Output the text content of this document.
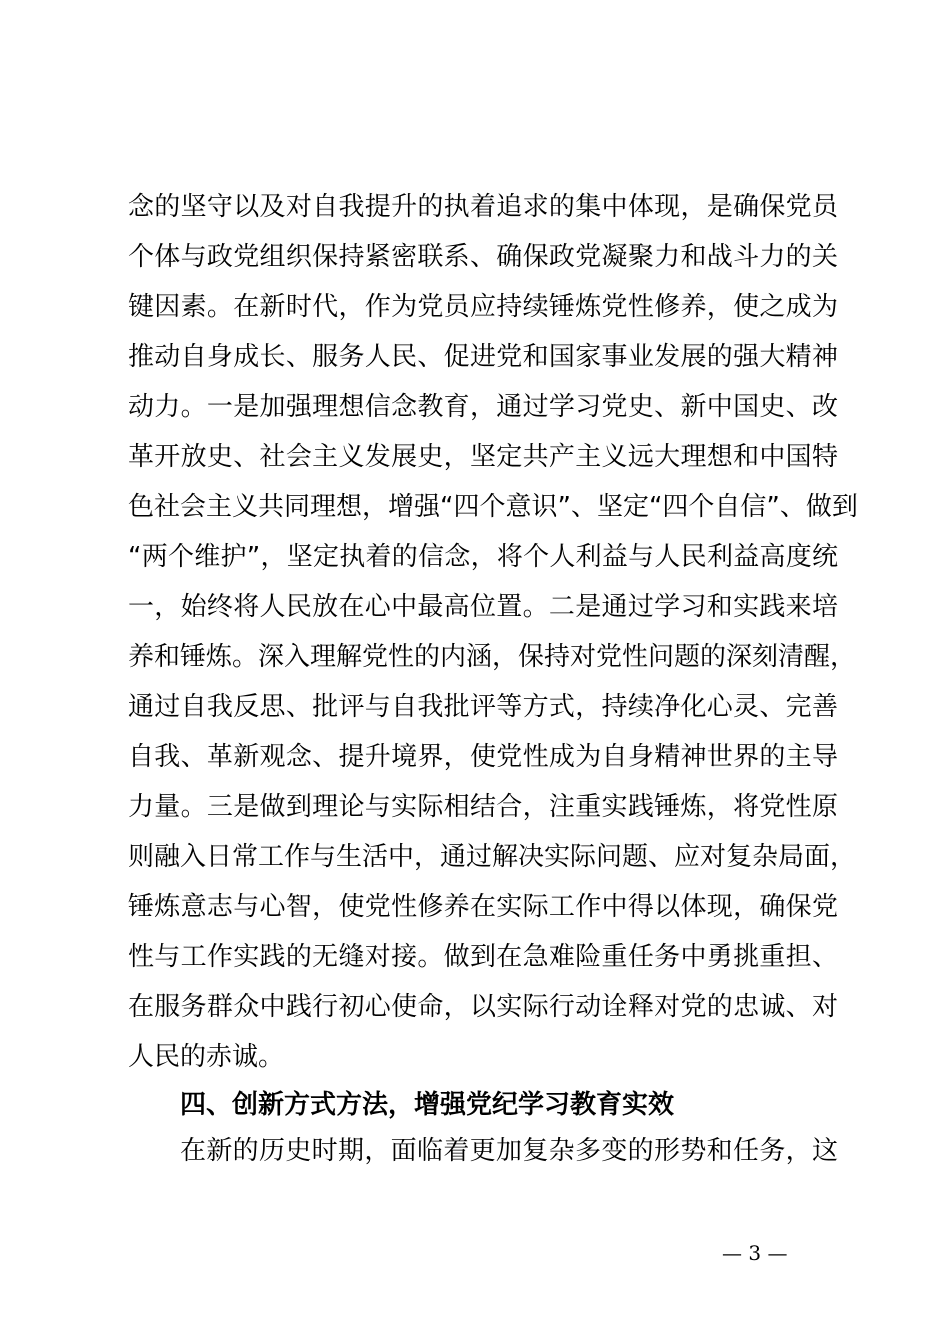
念的坚守以及对自我提升的执着追求的集中体现，是确保党员
个体与政党组织保持紧密联系、确保政党凝聚力和战斗力的关
键因素。在新时代，作为党员应持续锤炼党性修养，使之成为
推动自身成长、服务人民、促进党和国家事业发展的强大精神
动力。一是加强理想信念教育，通过学习党史、新中国史、改
革开放史、社会主义发展史，坚定共产主义远大理想和中国特
色社会主义共同理想，增强“四个意识”、坚定“四个自信”、做到
“两个维护”，坚定执着的信念，将个人利益与人民利益高度统
一，始终将人民放在心中最高位置。二是通过学习和实践来培
养和锤炼。深入理解党性的内涵，保持对党性问题的深刻清醒，
通过自我反思、批评与自我批评等方式，持续净化心灵、完善
自我、革新观念、提升境界，使党性成为自身精神世界的主导
力量。三是做到理论与实际相结合，注重实践锤炼，将党性原
则融入日常工作与生活中，通过解决实际问题、应对复杂局面，
锤炼意志与心智，使党性修养在实际工作中得以体现，确保党
性与工作实践的无缝对接。做到在急难险重任务中勇挑重担、
在服务群众中践行初心使命，以实际行动诠释对党的忠诚、对
人民的赤诚。
四、创新方式方法，增强党纪学习教育实效
在新的历史时期，面临着更加复杂多变的形势和任务，这
— 3 —
